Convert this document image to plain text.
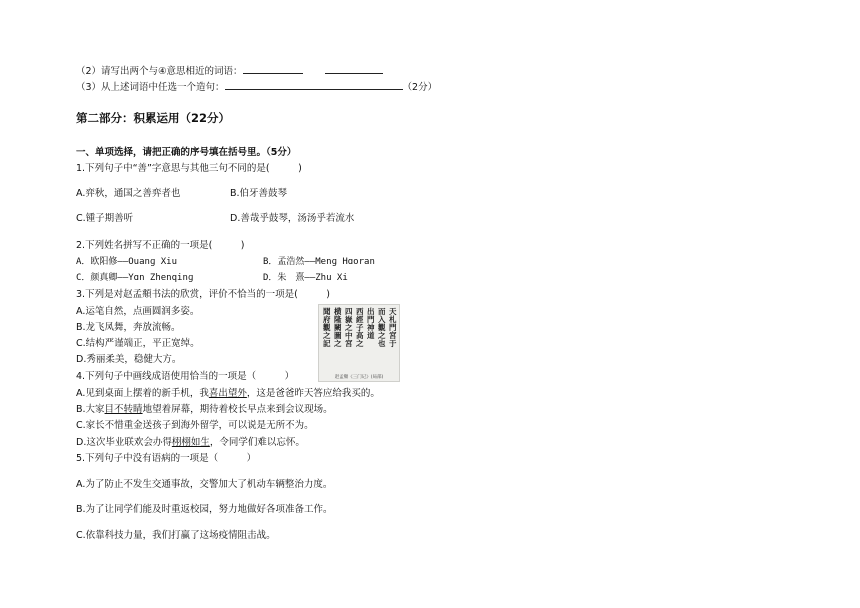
（2）请写出两个与④意思相近的词语：
（3）从上述词语中任选一个造句：	（2分）
第二部分：积累运用（22分）
一、单项选择，请把正确的序号填在括号里。（5分）
1.下列句子中“善”字意思与其他三句不同的是(　　　)
A.弈秋，通国之善弈者也	B.伯牙善鼓琴
C.锺子期善听	D.善哉乎鼓琴，汤汤乎若流水
2.下列姓名拼写不正确的一项是(　　　)
A．欧阳修——Ouanɡ Xiu	B．孟浩然——Menɡ Hɑoran
C．颜真卿——Yɑn Zhenqinɡ	D．朱　熹——Zhu Xi
3.下列是对赵孟頫书法的欣赏，评价不恰当的一项是(　　　)
A.运笔自然，点画圆润多姿。
B.龙飞凤舞，奔放流畅。
C.结构严谨端正，平正宽绰。
D.秀丽柔美，稳健大方。
聞府觀之記
横隆闕圖之
四嶽之中宮
西經子高之
出門神道
而入觀之也
天札門宮于
赵孟頫《三门记》(局部)
4.下列句子中画线成语使用恰当的一项是（　　　）
A.见到桌面上摆着的新手机，我喜出望外，这是爸爸昨天答应给我买的。
B.大家目不转睛地望着屏幕，期待着校长早点来到会议现场。
C.家长不惜重金送孩子到海外留学，可以说是无所不为。
D.这次毕业联欢会办得栩栩如生，令同学们难以忘怀。
5.下列句子中没有语病的一项是（　　　）
A.为了防止不发生交通事故，交警加大了机动车辆整治力度。
B.为了让同学们能及时重返校园，努力地做好各项准备工作。
C.依靠科技力量，我们打赢了这场疫情阻击战。
